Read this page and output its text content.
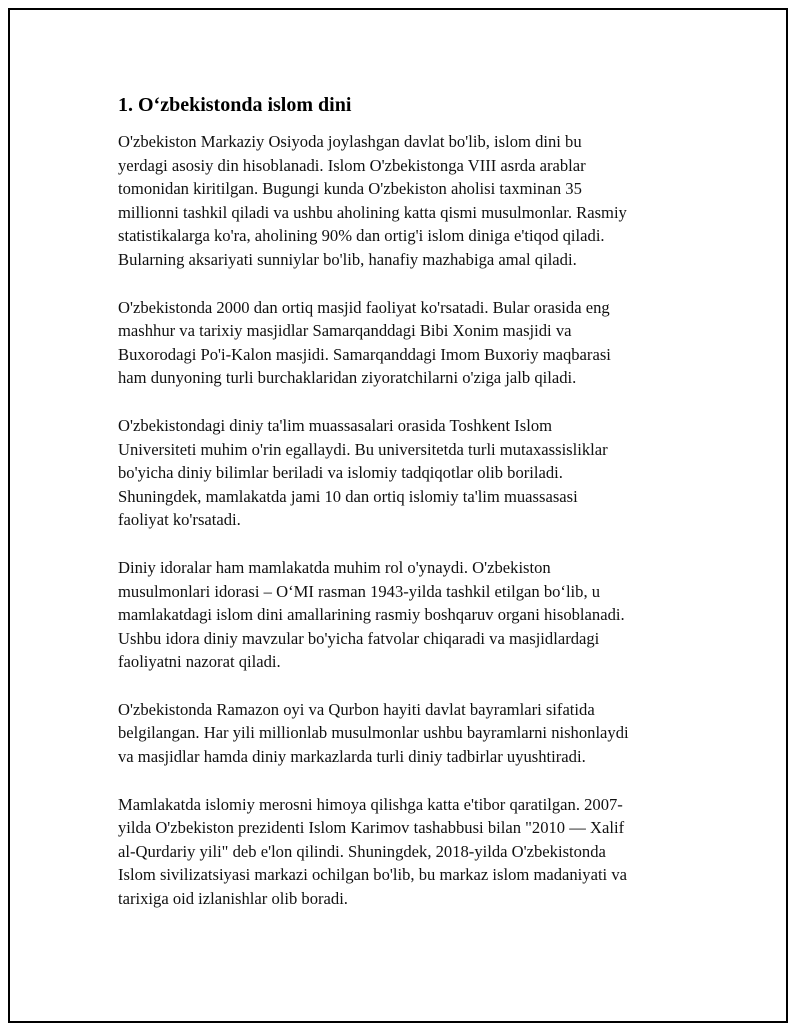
1. O‘zbekistonda islom dini

O'zbekiston Markaziy Osiyoda joylashgan davlat bo'lib, islom dini bu
yerdagi asosiy din hisoblanadi. Islom O'zbekistonga VIII asrda arablar
tomonidan kiritilgan. Bugungi kunda O'zbekiston aholisi taxminan 35
millionni tashkil qiladi va ushbu aholining katta qismi musulmonlar. Rasmiy
statistikalarga ko'ra, aholining 90% dan ortig'i islom diniga e'tiqod qiladi.
Bularning aksariyati sunniylar bo'lib, hanafiy mazhabiga amal qiladi.

O'zbekistonda 2000 dan ortiq masjid faoliyat ko'rsatadi. Bular orasida eng
mashhur va tarixiy masjidlar Samarqanddagi Bibi Xonim masjidi va
Buxorodagi Po'i-Kalon masjidi. Samarqanddagi Imom Buxoriy maqbarasi
ham dunyoning turli burchaklaridan ziyoratchilarni o'ziga jalb qiladi.

O'zbekistondagi diniy ta'lim muassasalari orasida Toshkent Islom
Universiteti muhim o'rin egallaydi. Bu universitetda turli mutaxassisliklar
bo'yicha diniy bilimlar beriladi va islomiy tadqiqotlar olib boriladi.
Shuningdek, mamlakatda jami 10 dan ortiq islomiy ta'lim muassasasi
faoliyat ko'rsatadi.

Diniy idoralar ham mamlakatda muhim rol o'ynaydi. O'zbekiston
musulmonlari idorasi – O‘MI rasman 1943-yilda tashkil etilgan bo‘lib, u
mamlakatdagi islom dini amallarining rasmiy boshqaruv organi hisoblanadi.
Ushbu idora diniy mavzular bo'yicha fatvolar chiqaradi va masjidlardagi
faoliyatni nazorat qiladi.

O'zbekistonda Ramazon oyi va Qurbon hayiti davlat bayramlari sifatida
belgilangan. Har yili millionlab musulmonlar ushbu bayramlarni nishonlaydi
va masjidlar hamda diniy markazlarda turli diniy tadbirlar uyushtiradi.

Mamlakatda islomiy merosni himoya qilishga katta e'tibor qaratilgan. 2007-
yilda O'zbekiston prezidenti Islom Karimov tashabbusi bilan "2010 — Xalif
al-Qurdariy yili" deb e'lon qilindi. Shuningdek, 2018-yilda O'zbekistonda
Islom sivilizatsiyasi markazi ochilgan bo'lib, bu markaz islom madaniyati va
tarixiga oid izlanishlar olib boradi.
